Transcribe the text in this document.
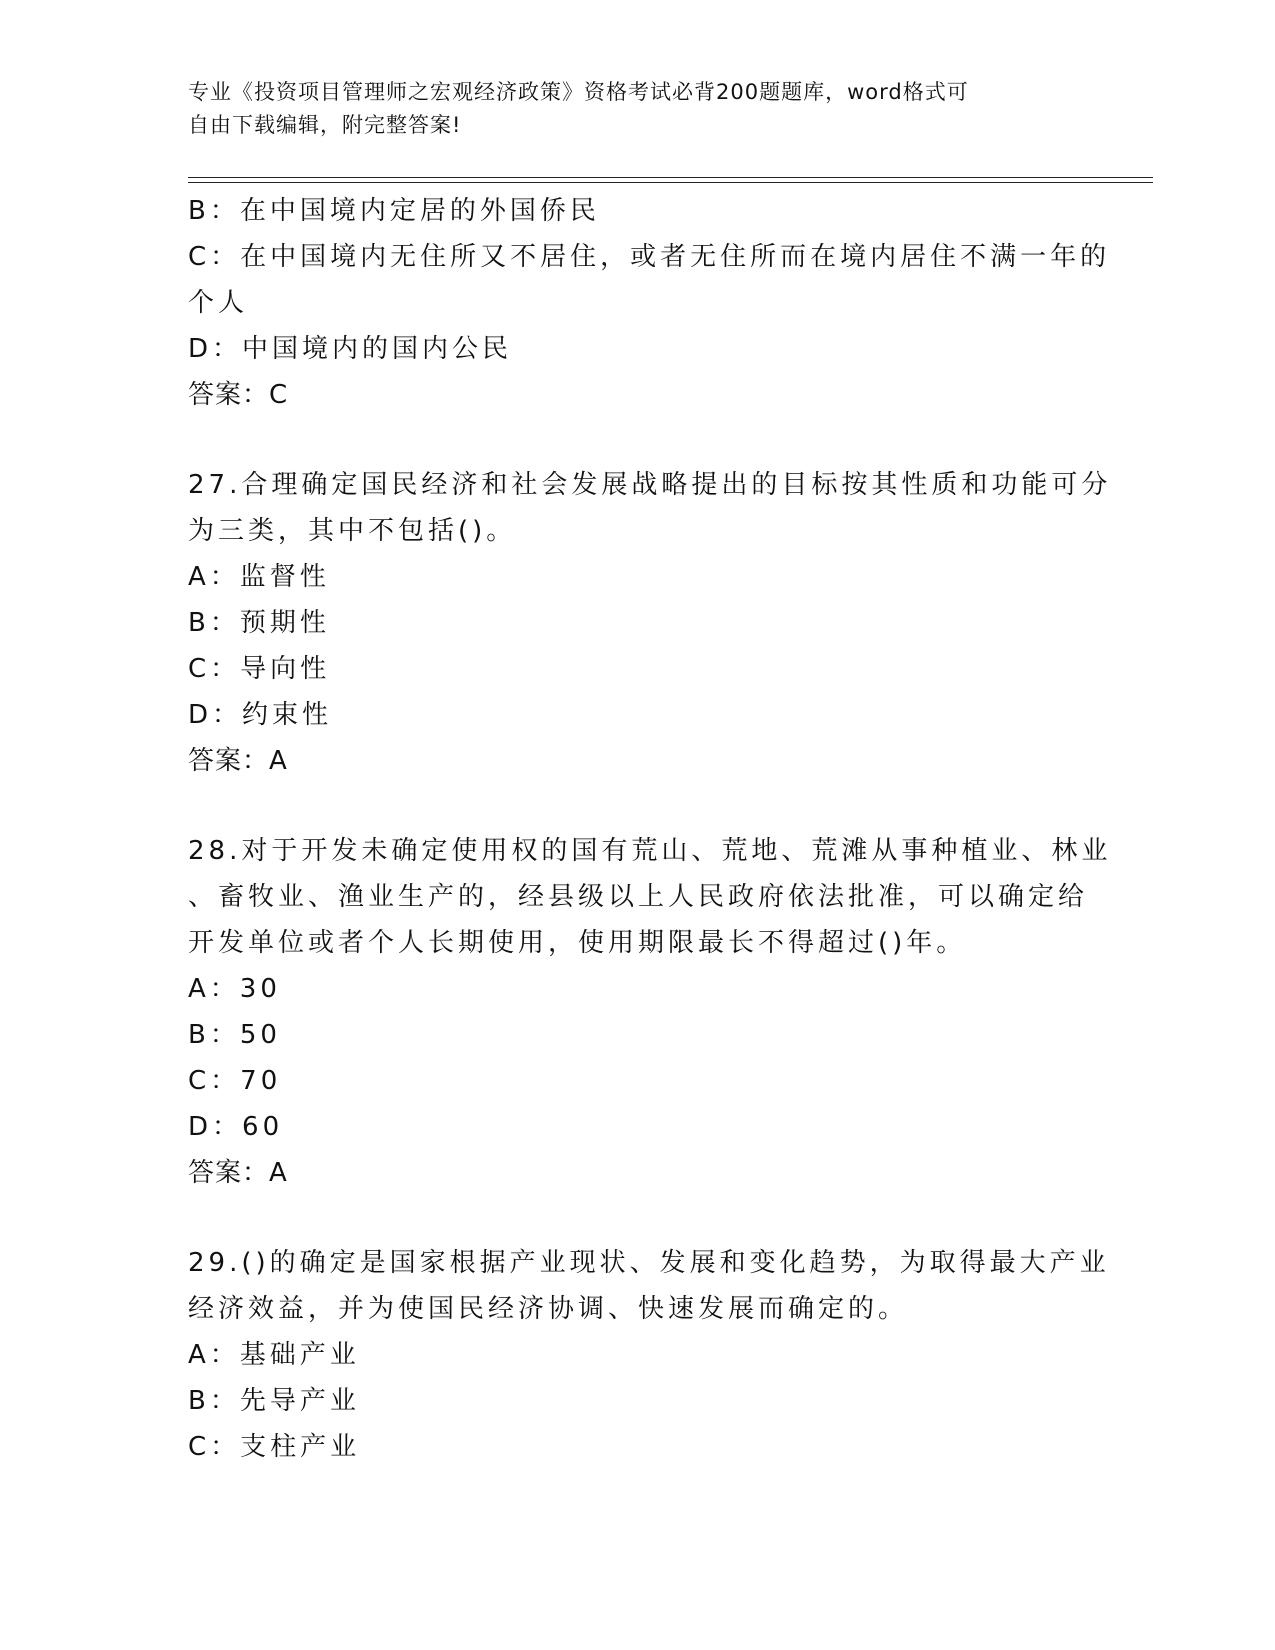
专业《投资项目管理师之宏观经济政策》资格考试必背200题题库，word格式可
自由下载编辑，附完整答案!
B：在中国境内定居的外国侨民
C：在中国境内无住所又不居住，或者无住所而在境内居住不满一年的
个人
D：中国境内的国内公民
答案：C
27.合理确定国民经济和社会发展战略提出的目标按其性质和功能可分
为三类，其中不包括()。
A：监督性
B：预期性
C：导向性
D：约束性
答案：A
28.对于开发未确定使用权的国有荒山、荒地、荒滩从事种植业、林业
、畜牧业、渔业生产的，经县级以上人民政府依法批准，可以确定给
开发单位或者个人长期使用，使用期限最长不得超过()年。
A：30
B：50
C：70
D：60
答案：A
29.()的确定是国家根据产业现状、发展和变化趋势，为取得最大产业
经济效益，并为使国民经济协调、快速发展而确定的。
A：基础产业
B：先导产业
C：支柱产业
